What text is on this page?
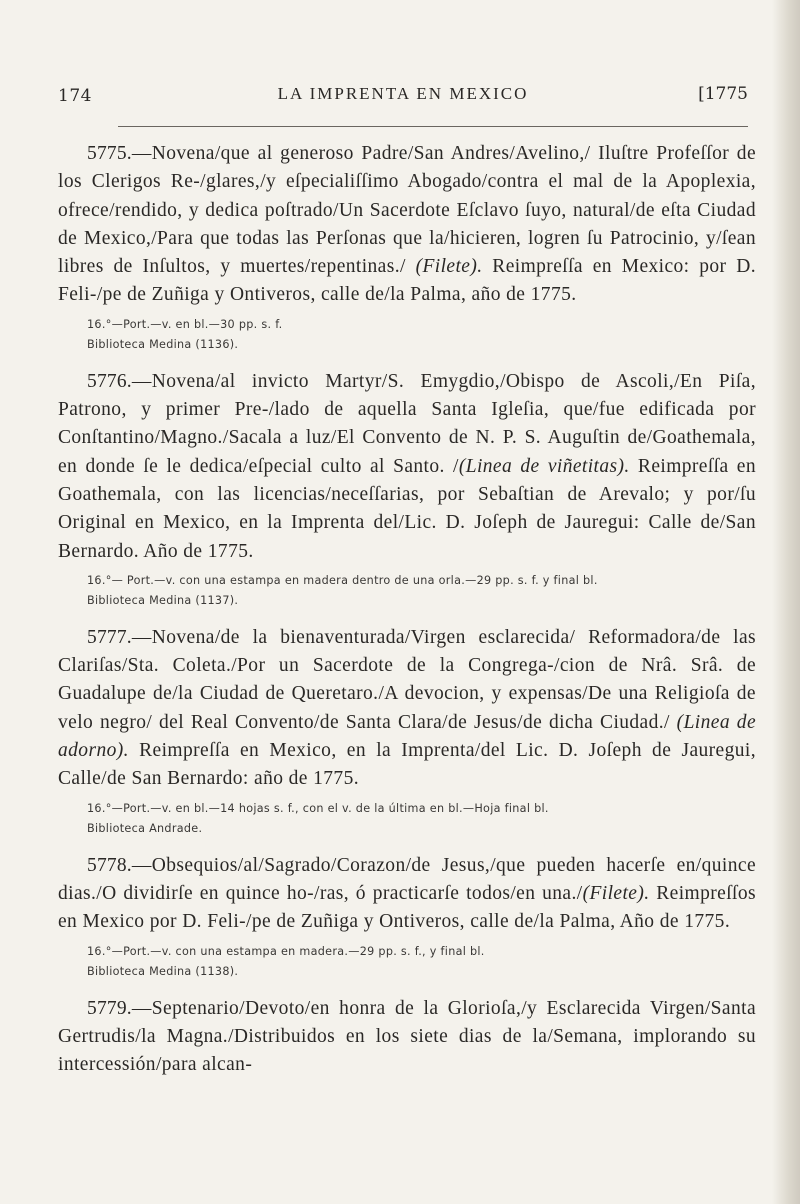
174	LA IMPRENTA EN MEXICO	[1775

5775.—Novena/que al generoso Padre/San Andres/Avelino,/ Iluſtre Profeſſor de los Clerigos Re-/glares,/y eſpecialiſſimo Abogado/contra el mal de la Apoplexia, ofrece/rendido, y dedica poſtrado/Un Sacerdote Eſclavo ſuyo, natural/de eſta Ciudad de Mexico,/Para que todas las Perſonas que la/hicieren, logren ſu Patrocinio, y/ſean libres de Inſultos, y muertes/repentinas./ (Filete). Reimpreſſa en Mexico: por D. Feli-/pe de Zuñiga y Ontiveros, calle de/la Palma, año de 1775.

16.°—Port.—v. en bl.—30 pp. s. f.

Biblioteca Medina (1136).

5776.—Novena/al invicto Martyr/S. Emygdio,/Obispo de Ascoli,/En Piſa, Patrono, y primer Pre-/lado de aquella Santa Igleſia, que/fue edificada por Conſtantino/Magno./Sacala a luz/El Convento de N. P. S. Auguſtin de/Goathemala, en donde ſe le dedica/eſpecial culto al Santo. /(Linea de viñetitas). Reimpreſſa en Goathemala, con las licencias/neceſſarias, por Sebaſtian de Arevalo; y por/ſu Original en Mexico, en la Imprenta del/Lic. D. Joſeph de Jauregui: Calle de/San Bernardo. Año de 1775.

16.°— Port.—v. con una estampa en madera dentro de una orla.—29 pp. s. f. y final bl.

Biblioteca Medina (1137).

5777.—Novena/de la bienaventurada/Virgen esclarecida/ Reformadora/de las Clariſas/Sta. Coleta./Por un Sacerdote de la Congrega-/cion de Nrâ. Srâ. de Guadalupe de/la Ciudad de Queretaro./A devocion, y expensas/De una Religioſa de velo negro/ del Real Convento/de Santa Clara/de Jesus/de dicha Ciudad./ (Linea de adorno). Reimpreſſa en Mexico, en la Imprenta/del Lic. D. Joſeph de Jauregui, Calle/de San Bernardo: año de 1775.

16.°—Port.—v. en bl.—14 hojas s. f., con el v. de la última en bl.—Hoja final bl.

Biblioteca Andrade.

5778.—Obsequios/al/Sagrado/Corazon/de Jesus,/que pueden hacerſe en/quince dias./O dividirſe en quince ho-/ras, ó practicarſe todos/en una./(Filete). Reimpreſſos en Mexico por D. Feli-/pe de Zuñiga y Ontiveros, calle de/la Palma, Año de 1775.

16.°—Port.—v. con una estampa en madera.—29 pp. s. f., y final bl.

Biblioteca Medina (1138).

5779.—Septenario/Devoto/en honra de la Glorioſa,/y Esclarecida Virgen/Santa Gertrudis/la Magna./Distribuidos en los siete dias de la/Semana, implorando su intercessión/para alcan-
